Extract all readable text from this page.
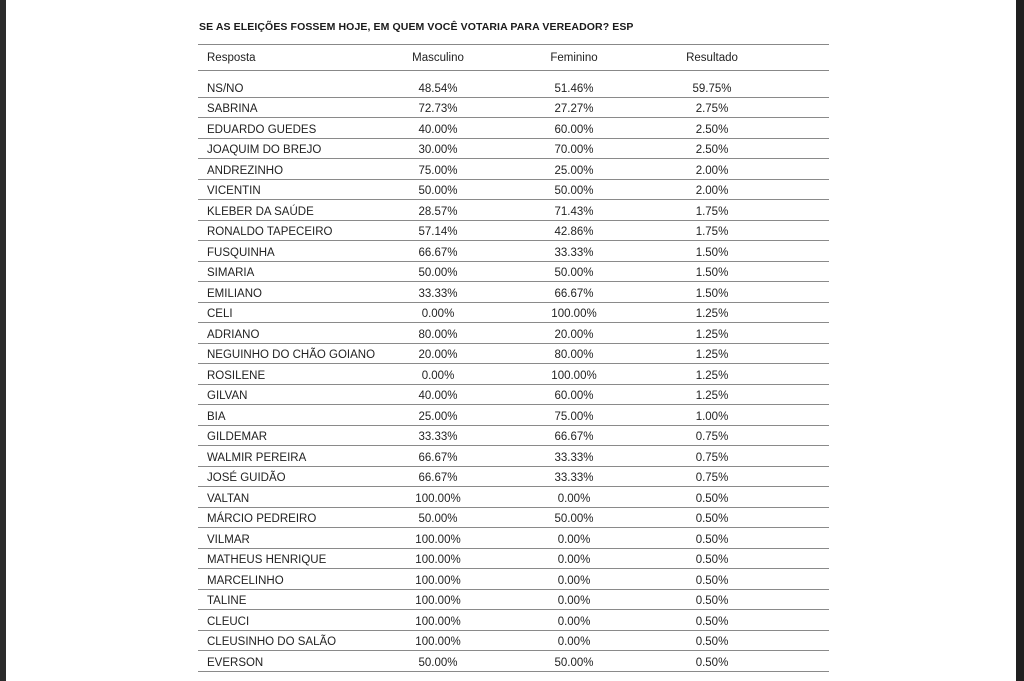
SE AS ELEIÇÕES FOSSEM HOJE, EM QUEM VOCÊ VOTARIA PARA VEREADOR? ESP
Resposta	Masculino	Feminino	Resultado
NS/NO	48.54%	51.46%	59.75%
SABRINA	72.73%	27.27%	2.75%
EDUARDO GUEDES	40.00%	60.00%	2.50%
JOAQUIM DO BREJO	30.00%	70.00%	2.50%
ANDREZINHO	75.00%	25.00%	2.00%
VICENTIN	50.00%	50.00%	2.00%
KLEBER DA SAÚDE	28.57%	71.43%	1.75%
RONALDO TAPECEIRO	57.14%	42.86%	1.75%
FUSQUINHA	66.67%	33.33%	1.50%
SIMARIA	50.00%	50.00%	1.50%
EMILIANO	33.33%	66.67%	1.50%
CELI	0.00%	100.00%	1.25%
ADRIANO	80.00%	20.00%	1.25%
NEGUINHO DO CHÃO GOIANO	20.00%	80.00%	1.25%
ROSILENE	0.00%	100.00%	1.25%
GILVAN	40.00%	60.00%	1.25%
BIA	25.00%	75.00%	1.00%
GILDEMAR	33.33%	66.67%	0.75%
WALMIR PEREIRA	66.67%	33.33%	0.75%
JOSÉ GUIDÃO	66.67%	33.33%	0.75%
VALTAN	100.00%	0.00%	0.50%
MÁRCIO PEDREIRO	50.00%	50.00%	0.50%
VILMAR	100.00%	0.00%	0.50%
MATHEUS HENRIQUE	100.00%	0.00%	0.50%
MARCELINHO	100.00%	0.00%	0.50%
TALINE	100.00%	0.00%	0.50%
CLEUCI	100.00%	0.00%	0.50%
CLEUSINHO DO SALÃO	100.00%	0.00%	0.50%
EVERSON	50.00%	50.00%	0.50%
